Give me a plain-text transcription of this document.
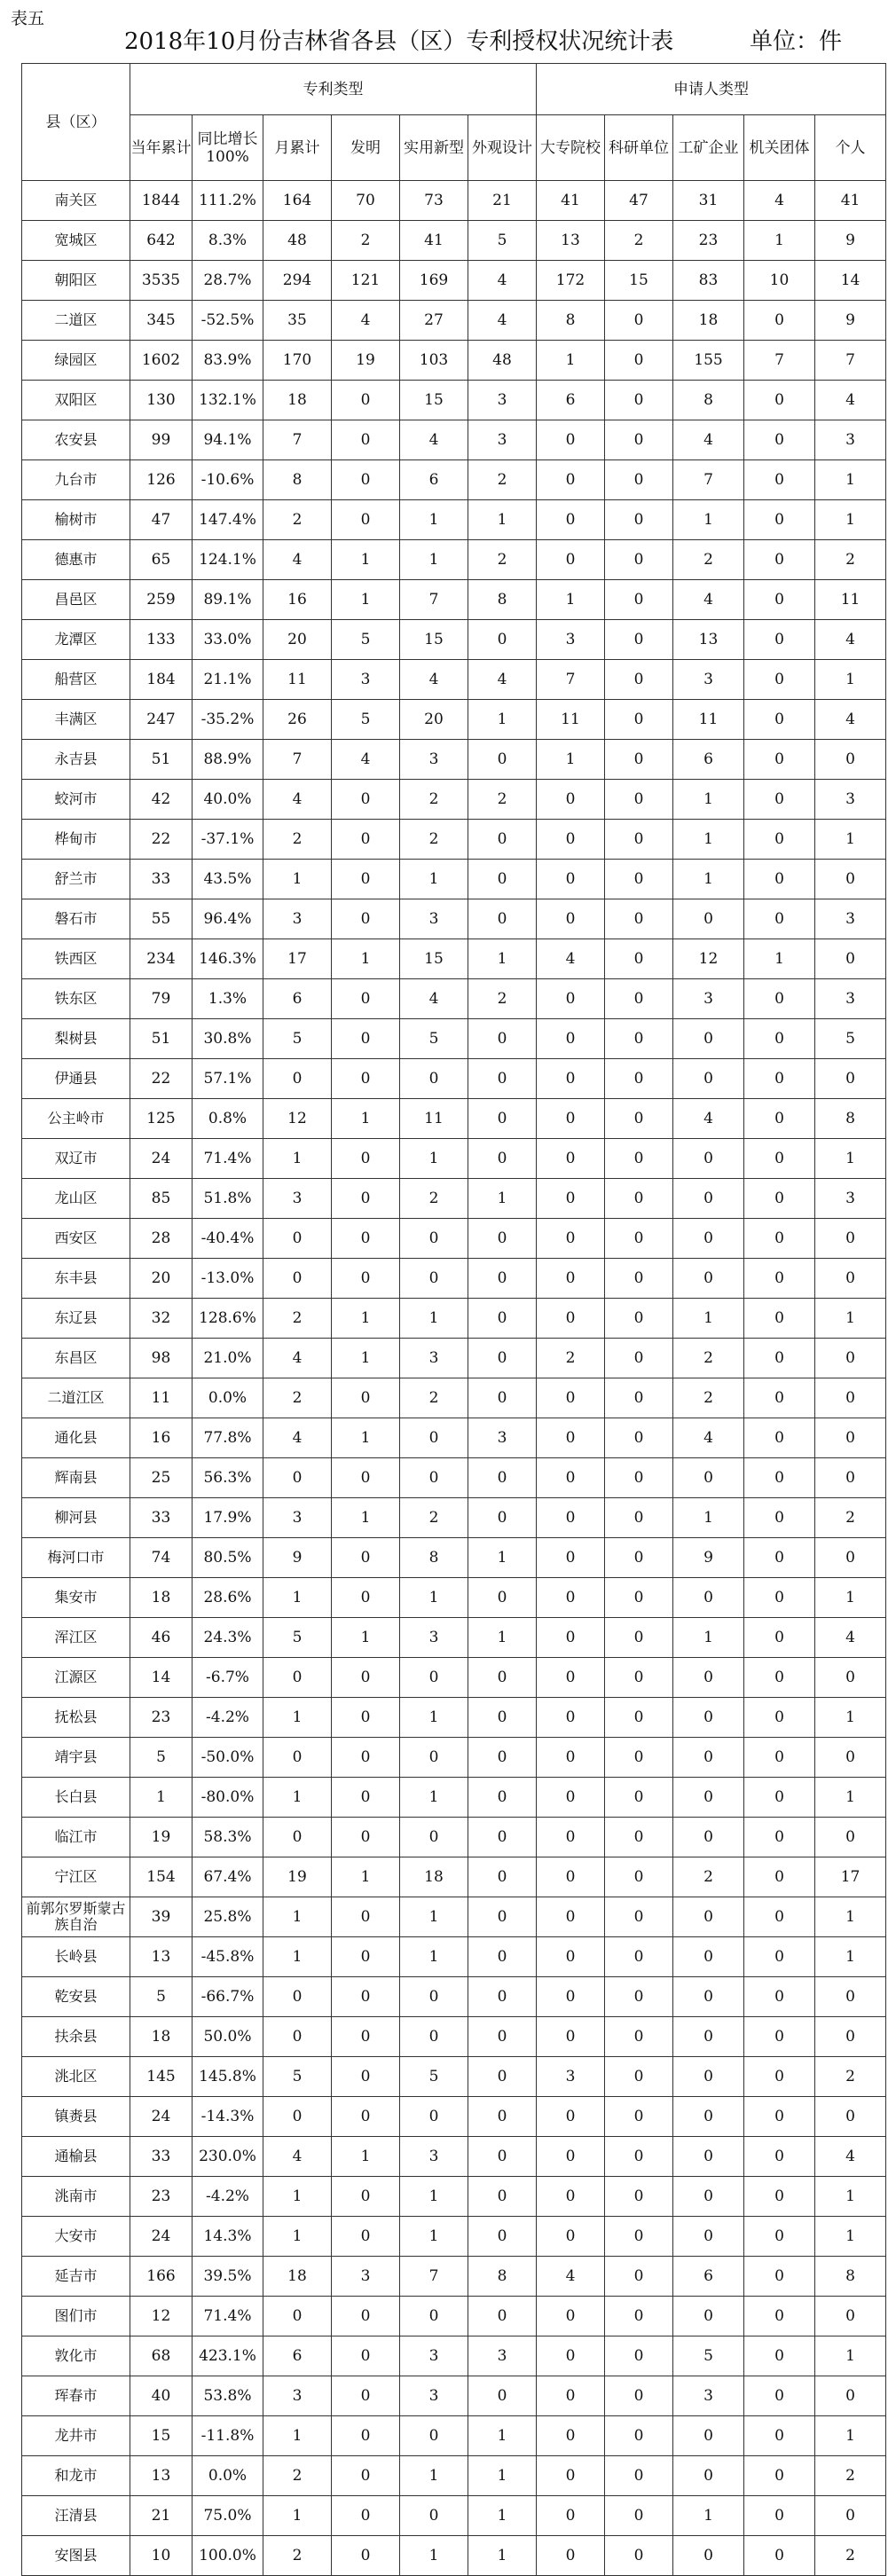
表五
2018年10月份吉林省各县（区）专利授权状况统计表	单位：件
县（区）	专利类型						申请人类型				
	当年累计	同比增长100%	月累计	发明	实用新型	外观设计	大专院校	科研单位	工矿企业	机关团体	个人
南关区	1844	111.2%	164	70	73	21	41	47	31	4	41
宽城区	642	8.3%	48	2	41	5	13	2	23	1	9
朝阳区	3535	28.7%	294	121	169	4	172	15	83	10	14
二道区	345	-52.5%	35	4	27	4	8	0	18	0	9
绿园区	1602	83.9%	170	19	103	48	1	0	155	7	7
双阳区	130	132.1%	18	0	15	3	6	0	8	0	4
农安县	99	94.1%	7	0	4	3	0	0	4	0	3
九台市	126	-10.6%	8	0	6	2	0	0	7	0	1
榆树市	47	147.4%	2	0	1	1	0	0	1	0	1
德惠市	65	124.1%	4	1	1	2	0	0	2	0	2
昌邑区	259	89.1%	16	1	7	8	1	0	4	0	11
龙潭区	133	33.0%	20	5	15	0	3	0	13	0	4
船营区	184	21.1%	11	3	4	4	7	0	3	0	1
丰满区	247	-35.2%	26	5	20	1	11	0	11	0	4
永吉县	51	88.9%	7	4	3	0	1	0	6	0	0
蛟河市	42	40.0%	4	0	2	2	0	0	1	0	3
桦甸市	22	-37.1%	2	0	2	0	0	0	1	0	1
舒兰市	33	43.5%	1	0	1	0	0	0	1	0	0
磐石市	55	96.4%	3	0	3	0	0	0	0	0	3
铁西区	234	146.3%	17	1	15	1	4	0	12	1	0
铁东区	79	1.3%	6	0	4	2	0	0	3	0	3
梨树县	51	30.8%	5	0	5	0	0	0	0	0	5
伊通县	22	57.1%	0	0	0	0	0	0	0	0	0
公主岭市	125	0.8%	12	1	11	0	0	0	4	0	8
双辽市	24	71.4%	1	0	1	0	0	0	0	0	1
龙山区	85	51.8%	3	0	2	1	0	0	0	0	3
西安区	28	-40.4%	0	0	0	0	0	0	0	0	0
东丰县	20	-13.0%	0	0	0	0	0	0	0	0	0
东辽县	32	128.6%	2	1	1	0	0	0	1	0	1
东昌区	98	21.0%	4	1	3	0	2	0	2	0	0
二道江区	11	0.0%	2	0	2	0	0	0	2	0	0
通化县	16	77.8%	4	1	0	3	0	0	4	0	0
辉南县	25	56.3%	0	0	0	0	0	0	0	0	0
柳河县	33	17.9%	3	1	2	0	0	0	1	0	2
梅河口市	74	80.5%	9	0	8	1	0	0	9	0	0
集安市	18	28.6%	1	0	1	0	0	0	0	0	1
浑江区	46	24.3%	5	1	3	1	0	0	1	0	4
江源区	14	-6.7%	0	0	0	0	0	0	0	0	0
抚松县	23	-4.2%	1	0	1	0	0	0	0	0	1
靖宇县	5	-50.0%	0	0	0	0	0	0	0	0	0
长白县	1	-80.0%	1	0	1	0	0	0	0	0	1
临江市	19	58.3%	0	0	0	0	0	0	0	0	0
宁江区	154	67.4%	19	1	18	0	0	0	2	0	17
前郭尔罗斯蒙古族自治	39	25.8%	1	0	1	0	0	0	0	0	1
长岭县	13	-45.8%	1	0	1	0	0	0	0	0	1
乾安县	5	-66.7%	0	0	0	0	0	0	0	0	0
扶余县	18	50.0%	0	0	0	0	0	0	0	0	0
洮北区	145	145.8%	5	0	5	0	3	0	0	0	2
镇赉县	24	-14.3%	0	0	0	0	0	0	0	0	0
通榆县	33	230.0%	4	1	3	0	0	0	0	0	4
洮南市	23	-4.2%	1	0	1	0	0	0	0	0	1
大安市	24	14.3%	1	0	1	0	0	0	0	0	1
延吉市	166	39.5%	18	3	7	8	4	0	6	0	8
图们市	12	71.4%	0	0	0	0	0	0	0	0	0
敦化市	68	423.1%	6	0	3	3	0	0	5	0	1
珲春市	40	53.8%	3	0	3	0	0	0	3	0	0
龙井市	15	-11.8%	1	0	0	1	0	0	0	0	1
和龙市	13	0.0%	2	0	1	1	0	0	0	0	2
汪清县	21	75.0%	1	0	0	1	0	0	1	0	0
安图县	10	100.0%	2	0	1	1	0	0	0	0	2
